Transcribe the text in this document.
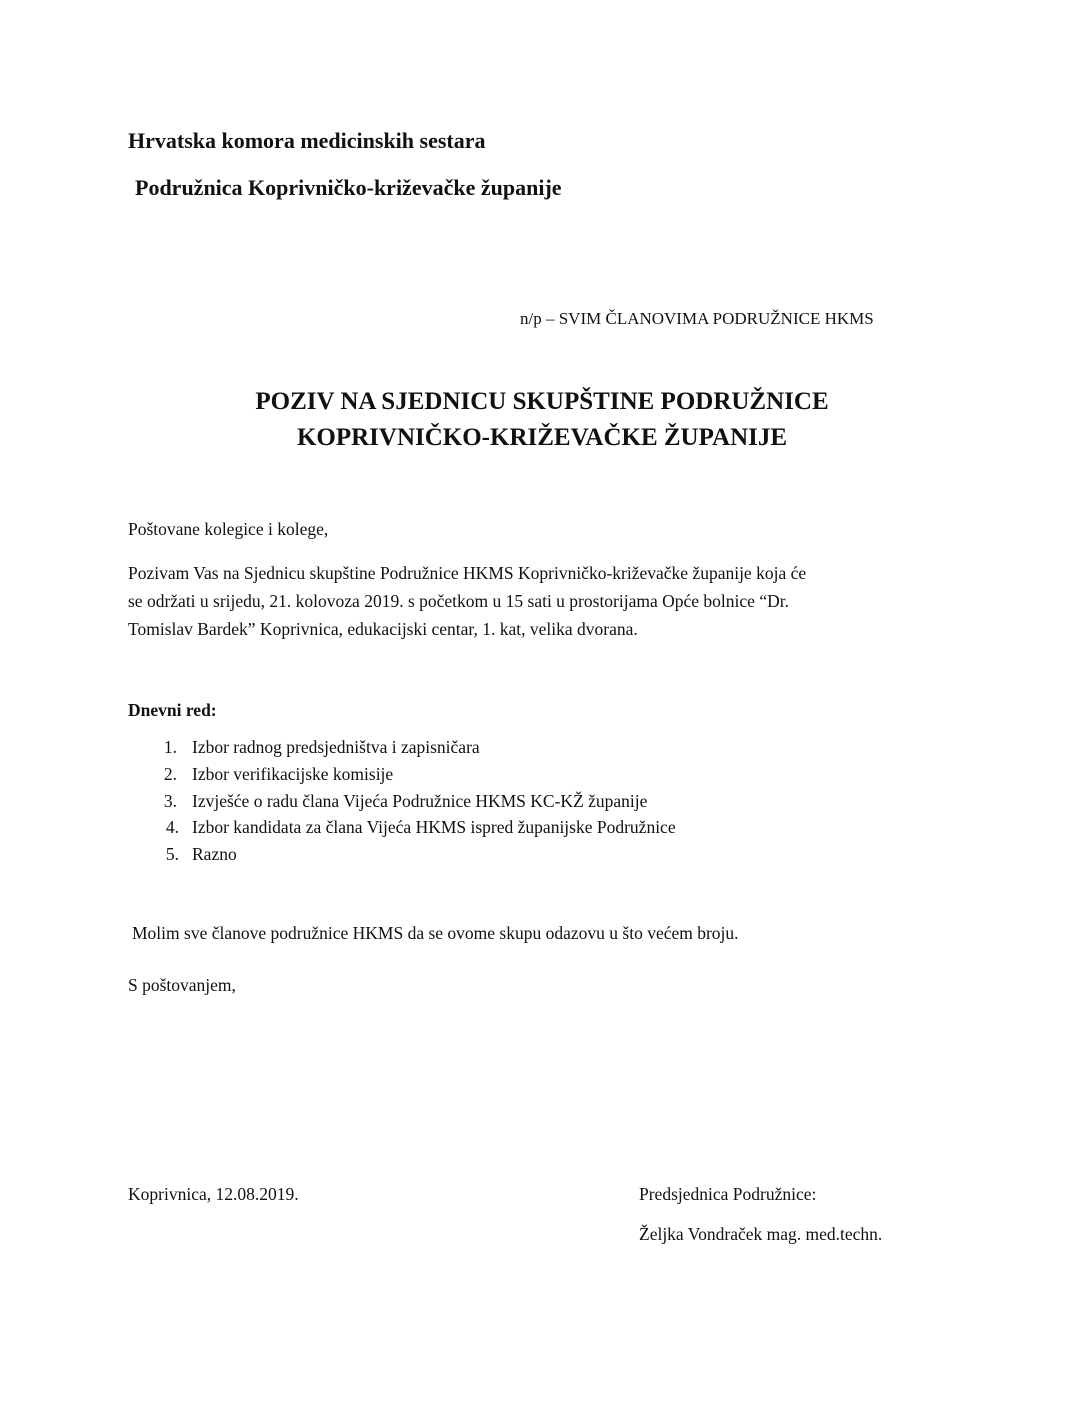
Hrvatska komora medicinskih sestara
Podružnica Koprivničko-križevačke županije
n/p – SVIM ČLANOVIMA PODRUŽNICE HKMS
POZIV NA SJEDNICU SKUPŠTINE PODRUŽNICE
KOPRIVNIČKO-KRIŽEVAČKE ŽUPANIJE
Poštovane kolegice i kolege,
Pozivam Vas na Sjednicu skupštine Podružnice HKMS Koprivničko-križevačke županije koja će
se održati u srijedu, 21. kolovoza 2019. s početkom u 15 sati u prostorijama Opće bolnice “Dr.
Tomislav Bardek” Koprivnica, edukacijski centar, 1. kat, velika dvorana.
Dnevni red:
1. Izbor radnog predsjedništva i zapisničara
2. Izbor verifikacijske komisije
3. Izvješće o radu člana Vijeća Podružnice HKMS KC-KŽ županije
4. Izbor kandidata za člana Vijeća HKMS ispred županijske Podružnice
5. Razno
Molim sve članove podružnice HKMS da se ovome skupu odazovu u što većem broju.
S poštovanjem,
Koprivnica, 12.08.2019.	Predsjednica Podružnice:
Željka Vondraček mag. med.techn.
